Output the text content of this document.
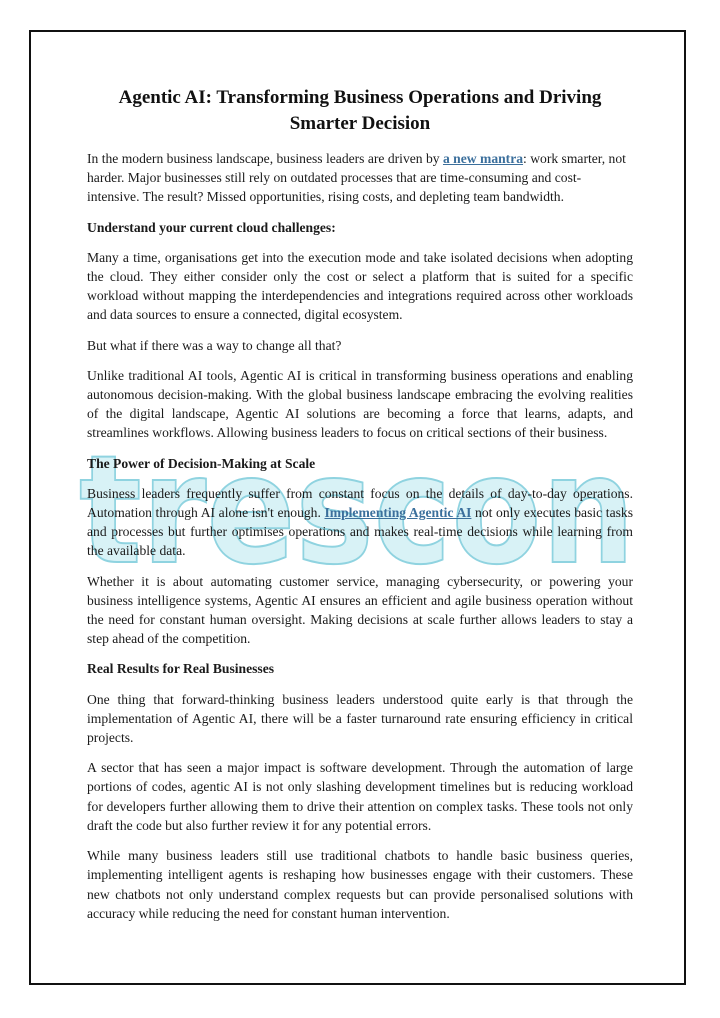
trescon
Agentic AI: Transforming Business Operations and Driving Smarter Decision

In the modern business landscape, business leaders are driven by a new mantra: work smarter, not harder. Major businesses still rely on outdated processes that are time-consuming and cost-intensive. The result? Missed opportunities, rising costs, and depleting team bandwidth.

Understand your current cloud challenges:

Many a time, organisations get into the execution mode and take isolated decisions when adopting the cloud. They either consider only the cost or select a platform that is suited for a specific workload without mapping the interdependencies and integrations required across other workloads and data sources to ensure a connected, digital ecosystem.

But what if there was a way to change all that?

Unlike traditional AI tools, Agentic AI is critical in transforming business operations and enabling autonomous decision-making. With the global business landscape embracing the evolving realities of the digital landscape, Agentic AI solutions are becoming a force that learns, adapts, and streamlines workflows. Allowing business leaders to focus on critical sections of their business.

The Power of Decision-Making at Scale

Business leaders frequently suffer from constant focus on the details of day-to-day operations. Automation through AI alone isn't enough. Implementing Agentic AI not only executes basic tasks and processes but further optimises operations and makes real-time decisions while learning from the available data.

Whether it is about automating customer service, managing cybersecurity, or powering your business intelligence systems, Agentic AI ensures an efficient and agile business operation without the need for constant human oversight. Making decisions at scale further allows leaders to stay a step ahead of the competition.

Real Results for Real Businesses

One thing that forward-thinking business leaders understood quite early is that through the implementation of Agentic AI, there will be a faster turnaround rate ensuring efficiency in critical projects.

A sector that has seen a major impact is software development. Through the automation of large portions of codes, agentic AI is not only slashing development timelines but is reducing workload for developers further allowing them to drive their attention on complex tasks. These tools not only draft the code but also further review it for any potential errors.

While many business leaders still use traditional chatbots to handle basic business queries, implementing intelligent agents is reshaping how businesses engage with their customers. These new chatbots not only understand complex requests but can provide personalised solutions with accuracy while reducing the need for constant human intervention.
